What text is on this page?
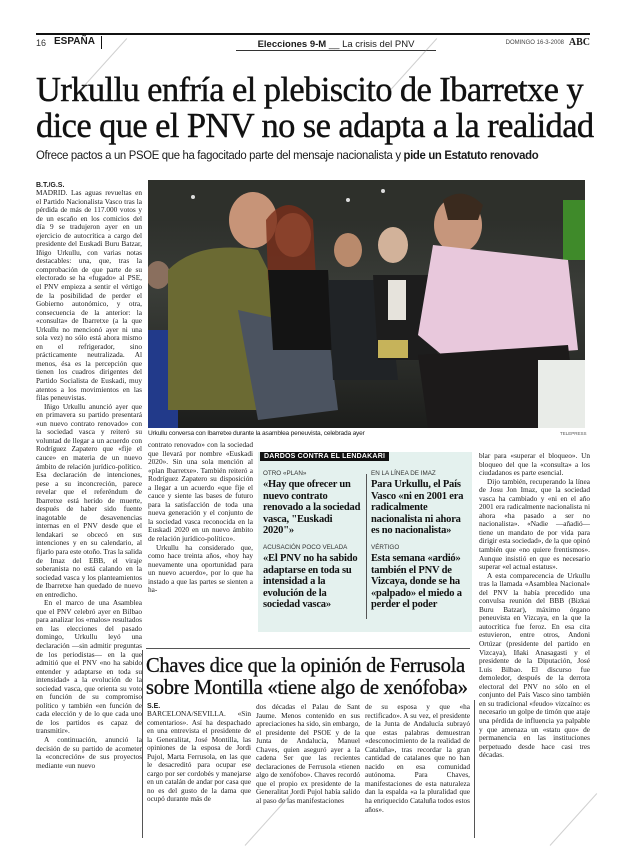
16 ESPAÑA	Elecciones 9-M __ La crisis del PNV	DOMINGO 16-3-2008 ABC
Urkullu enfría el plebiscito de Ibarretxe y dice que el PNV no se adapta a la realidad
Ofrece pactos a un PSOE que ha fagocitado parte del mensaje nacionalista y pide un Estatuto renovado
B.T./G.S.

MADRID. Las aguas revueltas en el Partido Nacionalista Vasco tras la pérdida de más de 117.000 votos y de un escaño en los comicios del día 9 se tradujeron ayer en un ejercicio de autocrítica a cargo del presidente del Euskadi Buru Batzar, Iñigo Urkullu, con varias notas destacables: una, que, tras la comprobación de que parte de su electorado se ha «fugado» al PSE, el PNV empieza a sentir el vértigo de la posibilidad de perder el Gobierno autonómico, y otra, consecuencia de la anterior: la «consulta» de Ibarretxe (a la que Urkullu no mencionó ayer ni una sola vez) no sólo está ahora mismo en el refrigerador, sino prácticamente neutralizada. Al menos, ésa es la percepción que tienen los cuadros dirigentes del Partido Socialista de Euskadi, muy atentos a los movimientos en las filas peneuvistas.

Iñigo Urkullu anunció ayer que en primavera su partido presentará «un nuevo contrato renovado» con la sociedad vasca y reiteró su voluntad de llegar a un acuerdo con Rodríguez Zapatero que «fije el cauce» en materia de un nuevo ámbito de relación jurídico-político. Esa declaración de intenciones, pese a su inconcreción, parece revelar que el referéndum de Ibarretxe está herido de muerte, después de haber sido fuente inagotable de desavenencias internas en el PNV desde que el lendakari se obcecó en sus intenciones y en su calendario, al fijarlo para este otoño. Tras la salida de Imaz del EBB, el viraje soberanista no está calando en la sociedad vasca y los planteamientos de Ibarretxe han quedado de nuevo en entredicho.

En el marco de una Asamblea que el PNV celebró ayer en Bilbao para analizar los «malos» resultados en las elecciones del pasado domingo, Urkullu leyó una declaración —sin admitir preguntas de los periodistas— en la que admitió que el PNV «no ha sabido entender y adaptarse en toda su intensidad» a la evolución de la sociedad vasca, que orienta su voto en función de su compromiso político y también «en función de cada elección y de lo que cada uno de los partidos es capaz de transmitir».

A continuación, anunció la decisión de su partido de acometer la «concreción» de sus proyectos mediante «un nuevo

Urkullu conversa con Ibarretxe durante la asamblea peneuvista, celebrada ayer	TELEPRESS

contrato renovado» con la sociedad que llevará por nombre «Euskadi 2020». Sin una sola mención al «plan Ibarretxe». También reiteró a Rodríguez Zapatero su disposición a llegar a un acuerdo «que fije el cauce y siente las bases de futuro para la satisfacción de toda una nueva generación y el conjunto de la sociedad vasca reconocida en la Euskadi 2020 en un nuevo ámbito de relación jurídico-político».

Urkullu ha considerado que, como hace treinta años, «hoy hay nuevamente una oportunidad para un nuevo acuerdo», por lo que ha instado a que las partes se sienten a ha-

DARDOS CONTRA EL LENDAKARI
OTRO «PLAN»
«Hay que ofrecer un nuevo contrato renovado a la sociedad vasca, "Euskadi 2020"»
ACUSACIÓN POCO VELADA
«El PNV no ha sabido adaptarse en toda su intensidad a la evolución de la sociedad vasca»
EN LA LÍNEA DE IMAZ
Para Urkullu, el País Vasco «ni en 2001 era radicalmente nacionalista ni ahora es no nacionalista»
VÉRTIGO
Esta semana «ardió» también el PNV de Vizcaya, donde se ha «palpado» el miedo a perder el poder

blar para «superar el bloqueo». Un bloqueo del que la «consulta» a los ciudadanos es parte esencial.

Dijo también, recuperando la línea de Josu Jon Imaz, que la sociedad vasca ha cambiado y «ni en el año 2001 era radicalmente nacionalista ni ahora «ha pasado a ser no nacionalista». «Nadie —añadió— tiene un mandato de por vida para dirigir esta sociedad», de la que opinó también que «no quiere frentismos». Aunque insistió en que es necesario superar «el actual estatus».

A esta comparecencia de Urkullu tras la llamada «Asamblea Nacional» del PNV la había precedido una convulsa reunión del BBB (Bizkai Buru Batzar), máximo órgano peneuvista en Vizcaya, en la que la autocrítica fue feroz. En esa cita estuvieron, entre otros, Andoni Ortúzar (presidente del partido en Vizcaya), Iñaki Anasagasti y el presidente de la Diputación, José Luis Bilbao. El discurso fue demoledor, después de la derrota electoral del PNV no sólo en el conjunto del País Vasco sino también en su tradicional «feudo» vizcaíno: es necesario un golpe de timón que ataje una pérdida de influencia ya palpable y que amenaza un «statu quo» de permanencia en las instituciones perpetuado desde hace casi tres décadas.

Chaves dice que la opinión de Ferrusola sobre Montilla «tiene algo de xenófoba»
S.E.

BARCELONA/SEVILLA. «Sin comentarios». Así ha despachado en una entrevista el presidente de la Generalitat, José Montilla, las opiniones de la esposa de Jordi Pujol, Marta Ferrusola, en las que le desacreditó para ocupar ese cargo por ser cordobés y manejarse en un catalán de andar por casa que no es del gusto de la dama que ocupó durante más de

dos décadas el Palau de Sant Jaume. Menos contenido en sus apreciaciones ha sido, sin embargo, el presidente del PSOE y de la Junta de Andalucía, Manuel Chaves, quien aseguró ayer a la cadena Ser que las recientes declaraciones de Ferrusola «tienen algo de xenófobo». Chaves recordó que el propio ex presidente de la Generalitat Jordi Pujol había salido al paso de las manifestaciones

de su esposa y que «ha rectificado». A su vez, el presidente de la Junta de Andalucía subrayó que estas palabras demuestran «desconocimiento de la realidad de Cataluña», tras recordar la gran cantidad de catalanes que no han nacido en esa comunidad autónoma. Para Chaves, manifestaciones de esta naturaleza dan la espalda «a la pluralidad que ha enriquecido Cataluña todos estos años».
